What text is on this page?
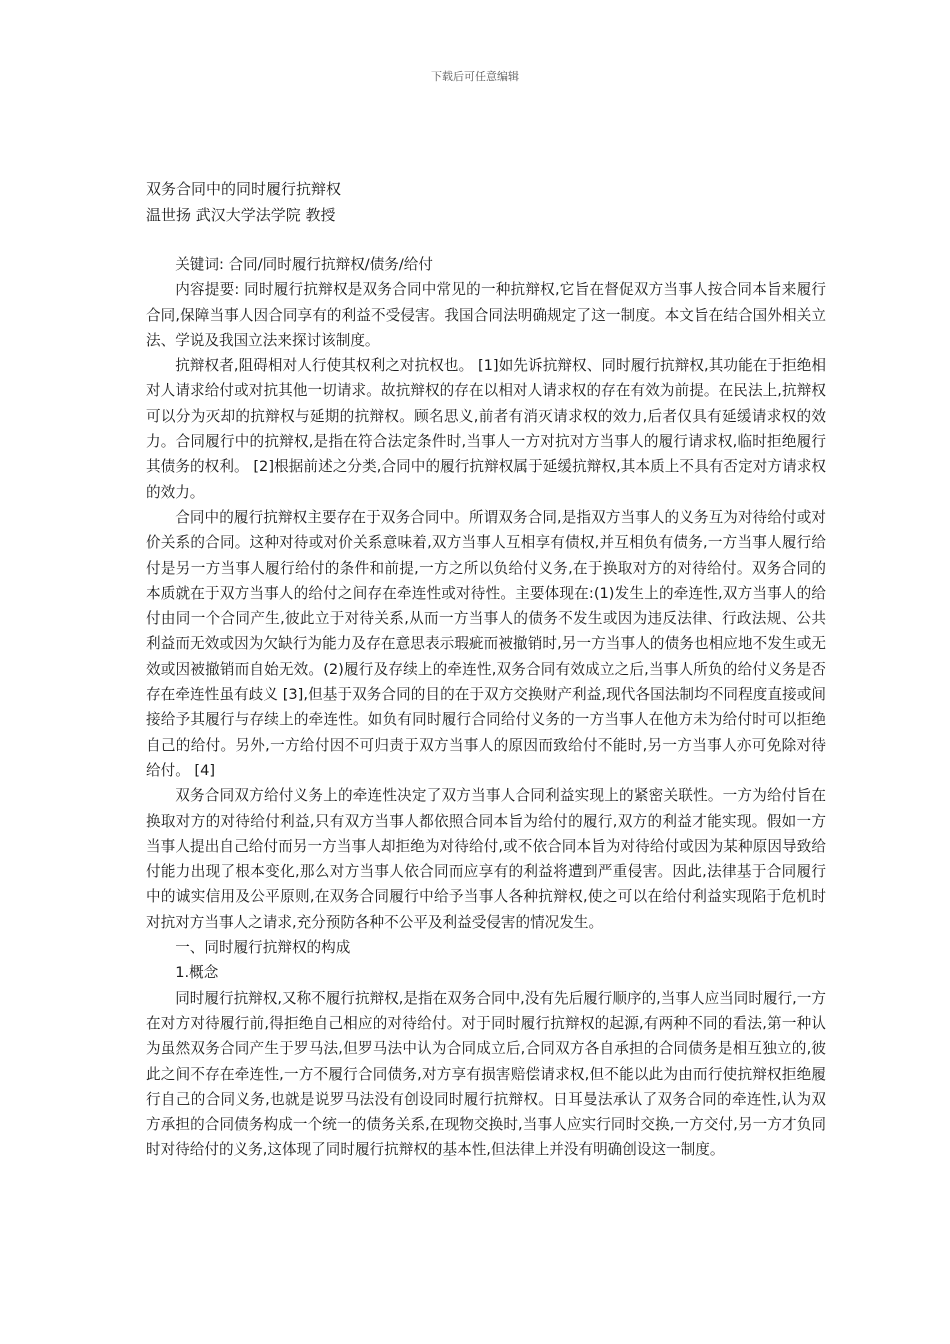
下载后可任意编辑
双务合同中的同时履行抗辩权
温世扬 武汉大学法学院 教授

关键词: 合同/同时履行抗辩权/债务/给付

内容提要: 同时履行抗辩权是双务合同中常见的一种抗辩权,它旨在督促双方当事人按合同本旨来履行合同,保障当事人因合同享有的利益不受侵害。我国合同法明确规定了这一制度。本文旨在结合国外相关立法、学说及我国立法来探讨该制度。

抗辩权者,阻碍相对人行使其权利之对抗权也。 [1]如先诉抗辩权、同时履行抗辩权,其功能在于拒绝相对人请求给付或对抗其他一切请求。故抗辩权的存在以相对人请求权的存在有效为前提。在民法上,抗辩权可以分为灭却的抗辩权与延期的抗辩权。顾名思义,前者有消灭请求权的效力,后者仅具有延缓请求权的效力。合同履行中的抗辩权,是指在符合法定条件时,当事人一方对抗对方当事人的履行请求权,临时拒绝履行其债务的权利。 [2]根据前述之分类,合同中的履行抗辩权属于延缓抗辩权,其本质上不具有否定对方请求权的效力。

合同中的履行抗辩权主要存在于双务合同中。所谓双务合同,是指双方当事人的义务互为对待给付或对价关系的合同。这种对待或对价关系意味着,双方当事人互相享有债权,并互相负有债务,一方当事人履行给付是另一方当事人履行给付的条件和前提,一方之所以负给付义务,在于换取对方的对待给付。双务合同的本质就在于双方当事人的给付之间存在牵连性或对待性。主要体现在:(1)发生上的牵连性,双方当事人的给付由同一个合同产生,彼此立于对待关系,从而一方当事人的债务不发生或因为违反法律、行政法规、公共利益而无效或因为欠缺行为能力及存在意思表示瑕疵而被撤销时,另一方当事人的债务也相应地不发生或无效或因被撤销而自始无效。(2)履行及存续上的牵连性,双务合同有效成立之后,当事人所负的给付义务是否存在牵连性虽有歧义 [3],但基于双务合同的目的在于双方交换财产利益,现代各国法制均不同程度直接或间接给予其履行与存续上的牵连性。如负有同时履行合同给付义务的一方当事人在他方未为给付时可以拒绝自己的给付。另外,一方给付因不可归责于双方当事人的原因而致给付不能时,另一方当事人亦可免除对待给付。 [4]

双务合同双方给付义务上的牵连性决定了双方当事人合同利益实现上的紧密关联性。一方为给付旨在换取对方的对待给付利益,只有双方当事人都依照合同本旨为给付的履行,双方的利益才能实现。假如一方当事人提出自己给付而另一方当事人却拒绝为对待给付,或不依合同本旨为对待给付或因为某种原因导致给付能力出现了根本变化,那么对方当事人依合同而应享有的利益将遭到严重侵害。因此,法律基于合同履行中的诚实信用及公平原则,在双务合同履行中给予当事人各种抗辩权,使之可以在给付利益实现陷于危机时对抗对方当事人之请求,充分预防各种不公平及利益受侵害的情况发生。

一、同时履行抗辩权的构成

1.概念

同时履行抗辩权,又称不履行抗辩权,是指在双务合同中,没有先后履行顺序的,当事人应当同时履行,一方在对方对待履行前,得拒绝自己相应的对待给付。对于同时履行抗辩权的起源,有两种不同的看法,第一种认为虽然双务合同产生于罗马法,但罗马法中认为合同成立后,合同双方各自承担的合同债务是相互独立的,彼此之间不存在牵连性,一方不履行合同债务,对方享有损害赔偿请求权,但不能以此为由而行使抗辩权拒绝履行自己的合同义务,也就是说罗马法没有创设同时履行抗辩权。日耳曼法承认了双务合同的牵连性,认为双方承担的合同债务构成一个统一的债务关系,在现物交换时,当事人应实行同时交换,一方交付,另一方才负同时对待给付的义务,这体现了同时履行抗辩权的基本性,但法律上并没有明确创设这一制度。
